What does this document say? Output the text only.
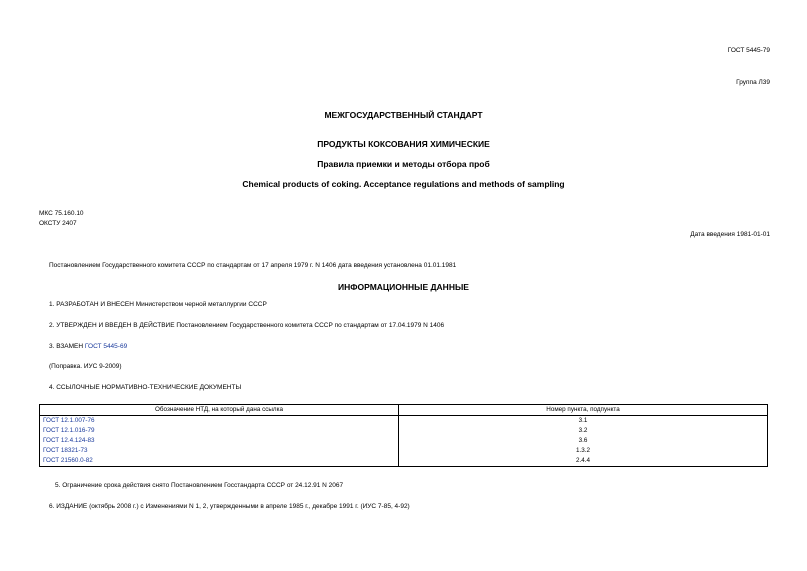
ГОСТ 5445-79
Группа Л39
МЕЖГОСУДАРСТВЕННЫЙ СТАНДАРТ
ПРОДУКТЫ КОКСОВАНИЯ ХИМИЧЕСКИЕ
Правила приемки и методы отбора проб
Chemical products of coking. Acceptance regulations and methods of sampling
МКС 75.160.10
ОКСТУ 2407
Дата введения 1981-01-01
Постановлением Государственного комитета СССР по стандартам от 17 апреля 1979 г. N 1406 дата введения установлена 01.01.1981
ИНФОРМАЦИОННЫЕ ДАННЫЕ
1. РАЗРАБОТАН И ВНЕСЕН Министерством черной металлургии СССР
2. УТВЕРЖДЕН И ВВЕДЕН В ДЕЙСТВИЕ Постановлением Государственного комитета СССР по стандартам от 17.04.1979 N 1406
3. ВЗАМЕН ГОСТ 5445-69
(Поправка. ИУС 9-2009)
4. ССЫЛОЧНЫЕ НОРМАТИВНО-ТЕХНИЧЕСКИЕ ДОКУМЕНТЫ
Обозначение НТД, на который дана ссылка	Номер пункта, подпункта
ГОСТ 12.1.007-76	3.1
ГОСТ 12.1.016-79	3.2
ГОСТ 12.4.124-83	3.6
ГОСТ 18321-73	1.3.2
ГОСТ 21560.0-82	2.4.4
5. Ограничение срока действия снято Постановлением Госстандарта СССР от 24.12.91 N 2067
6. ИЗДАНИЕ (октябрь 2008 г.) с Изменениями N 1, 2, утвержденными в апреле 1985 г., декабре 1991 г. (ИУС 7-85, 4-92)
